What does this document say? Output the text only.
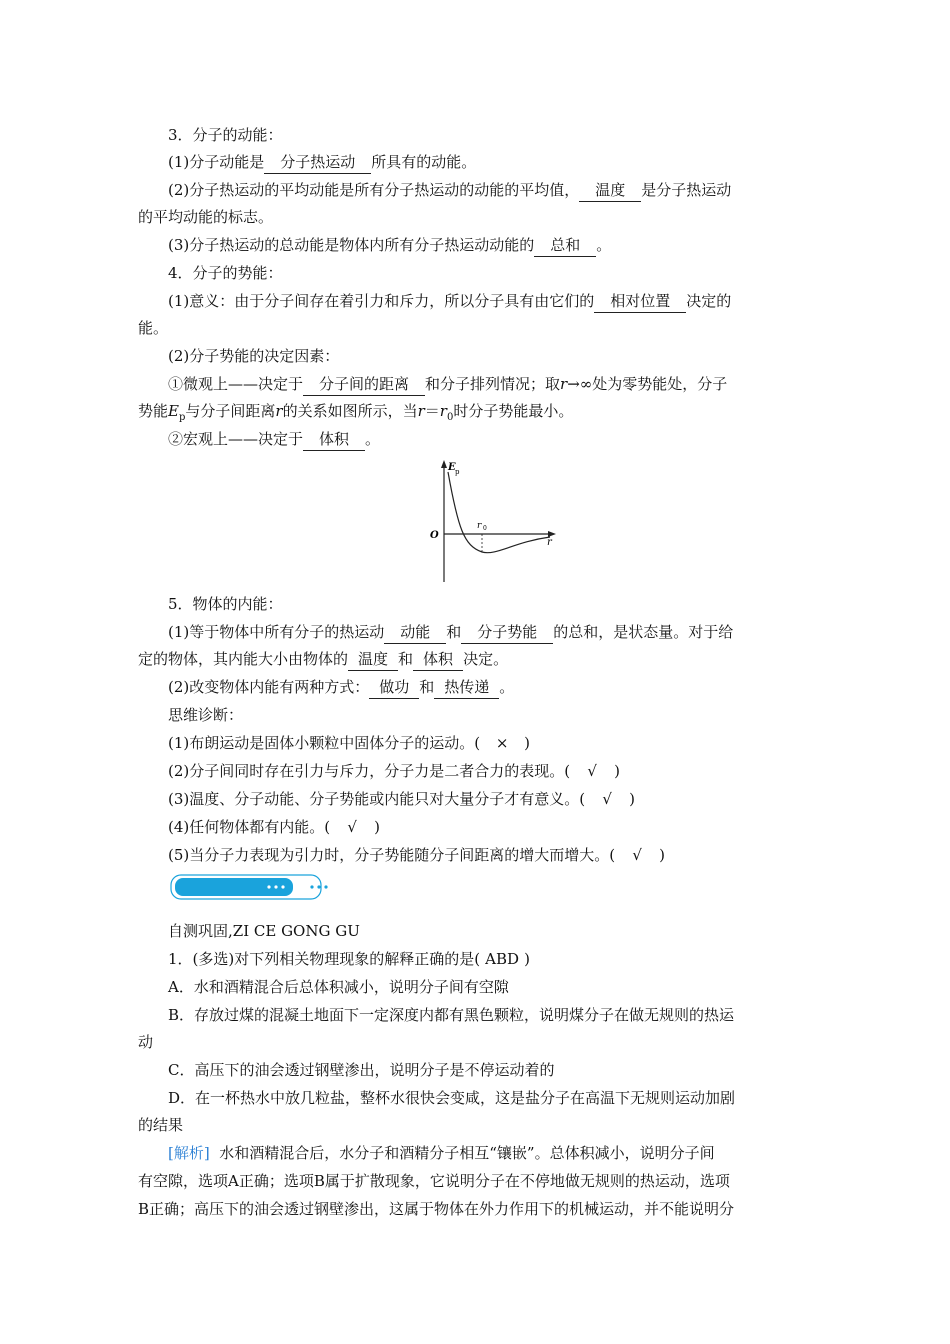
3．分子的动能：
(1)分子动能是 分子热运动 所具有的动能。
(2)分子热运动的平均动能是所有分子热运动的动能的平均值， 温度 是分子热运动
的平均动能的标志。
(3)分子热运动的总动能是物体内所有分子热运动动能的 总和 。
4．分子的势能：
(1)意义：由于分子间存在着引力和斥力，所以分子具有由它们的 相对位置 决定的
能。
(2)分子势能的决定因素：
①微观上——决定于 分子间的距离 和分子排列情况；取r→∞处为零势能处，分子
势能$E_p$与分子间距离r的关系如图所示，当$r=r_0$时分子势能最小。
②宏观上——决定于 体积 。
E p
O
r 0
r
5．物体的内能：
(1)等于物体中所有分子的热运动 动能 和 分子势能 的总和，是状态量。对于给
定的物体，其内能大小由物体的 温度 和 体积 决定。
(2)改变物体内能有两种方式： 做功 和 热传递 。
思维诊断：
(1)布朗运动是固体小颗粒中固体分子的运动。( × )
(2)分子间同时存在引力与斥力，分子力是二者合力的表现。( √ )
(3)温度、分子动能、分子势能或内能只对大量分子才有意义。( √ )
(4)任何物体都有内能。( √ )
(5)当分子力表现为引力时，分子势能随分子间距离的增大而增大。( √ )
自测巩固,ZI CE GONG GU
1．(多选)对下列相关物理现象的解释正确的是( ABD )
A．水和酒精混合后总体积减小，说明分子间有空隙
B．存放过煤的混凝土地面下一定深度内都有黑色颗粒，说明煤分子在做无规则的热运
动
C．高压下的油会透过钢壁渗出，说明分子是不停运动着的
D．在一杯热水中放几粒盐，整杯水很快会变咸，这是盐分子在高温下无规则运动加剧
的结果
[解析] 水和酒精混合后，水分子和酒精分子相互“镶嵌”。总体积减小，说明分子间
有空隙，选项A正确；选项B属于扩散现象，它说明分子在不停地做无规则的热运动，选项
B正确；高压下的油会透过钢壁渗出，这属于物体在外力作用下的机械运动，并不能说明分
